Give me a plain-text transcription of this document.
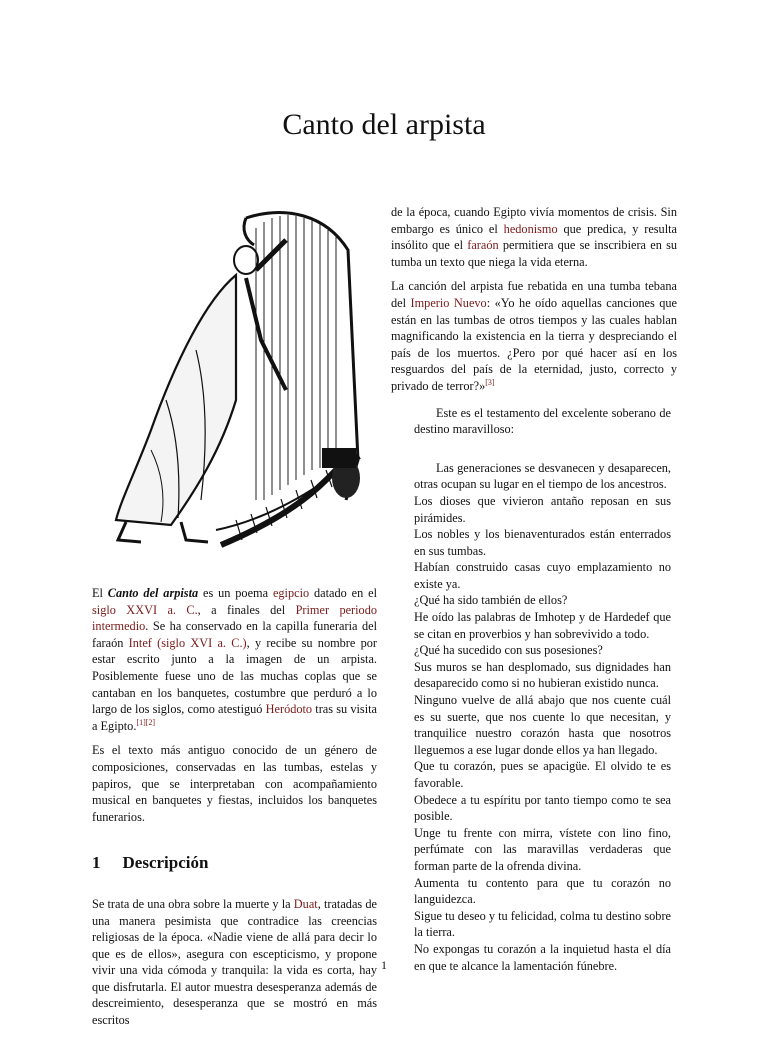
Canto del arpista

El Canto del arpista es un poema egipcio datado en el siglo XXVI a. C., a finales del Primer periodo intermedio. Se ha conservado en la capilla funeraria del faraón Intef (siglo XVI a. C.), y recibe su nombre por estar escrito junto a la imagen de un arpista. Posiblemente fuese uno de las muchas coplas que se cantaban en los banquetes, costumbre que perduró a lo largo de los siglos, como atestiguó Heródoto tras su visita a Egipto.[1][2]

Es el texto más antiguo conocido de un género de composiciones, conservadas en las tumbas, estelas y papiros, que se interpretaban con acompañamiento musical en banquetes y fiestas, incluidos los banquetes funerarios.

1 Descripción

Se trata de una obra sobre la muerte y la Duat, tratadas de una manera pesimista que contradice las creencias religiosas de la época. «Nadie viene de allá para decir lo que es de ellos», asegura con escepticismo, y propone vivir una vida cómoda y tranquila: la vida es corta, hay que disfrutarla. El autor muestra desesperanza además de descreimiento, desesperanza que se mostró en más escritos

de la época, cuando Egipto vivía momentos de crisis. Sin embargo es único el hedonismo que predica, y resulta insólito que el faraón permitiera que se inscribiera en su tumba un texto que niega la vida eterna.

La canción del arpista fue rebatida en una tumba tebana del Imperio Nuevo: «Yo he oído aquellas canciones que están en las tumbas de otros tiempos y las cuales hablan magnificando la existencia en la tierra y despreciando el país de los muertos. ¿Pero por qué hacer así en los resguardos del país de la eternidad, justo, correcto y privado de terror?»[3]

Este es el testamento del excelente soberano de destino maravilloso:

Las generaciones se desvanecen y desaparecen, otras ocupan su lugar en el tiempo de los ancestros.

Los dioses que vivieron antaño reposan en sus pirámides.

Los nobles y los bienaventurados están enterrados en sus tumbas.

Habían construido casas cuyo emplazamiento no existe ya.

¿Qué ha sido también de ellos?

He oído las palabras de Imhotep y de Hardedef que se citan en proverbios y han sobrevivido a todo.

¿Qué ha sucedido con sus posesiones?

Sus muros se han desplomado, sus dignidades han desaparecido como si no hubieran existido nunca.

Ninguno vuelve de allá abajo que nos cuente cuál es su suerte, que nos cuente lo que necesitan, y tranquilice nuestro corazón hasta que nosotros lleguemos a ese lugar donde ellos ya han llegado.

Que tu corazón, pues se apacigüe. El olvido te es favorable.

Obedece a tu espíritu por tanto tiempo como te sea posible.

Unge tu frente con mirra, vístete con lino fino, perfúmate con las maravillas verdaderas que forman parte de la ofrenda divina.

Aumenta tu contento para que tu corazón no languidezca.

Sigue tu deseo y tu felicidad, colma tu destino sobre la tierra.

No expongas tu corazón a la inquietud hasta el día en que te alcance la lamentación fúnebre.

1
